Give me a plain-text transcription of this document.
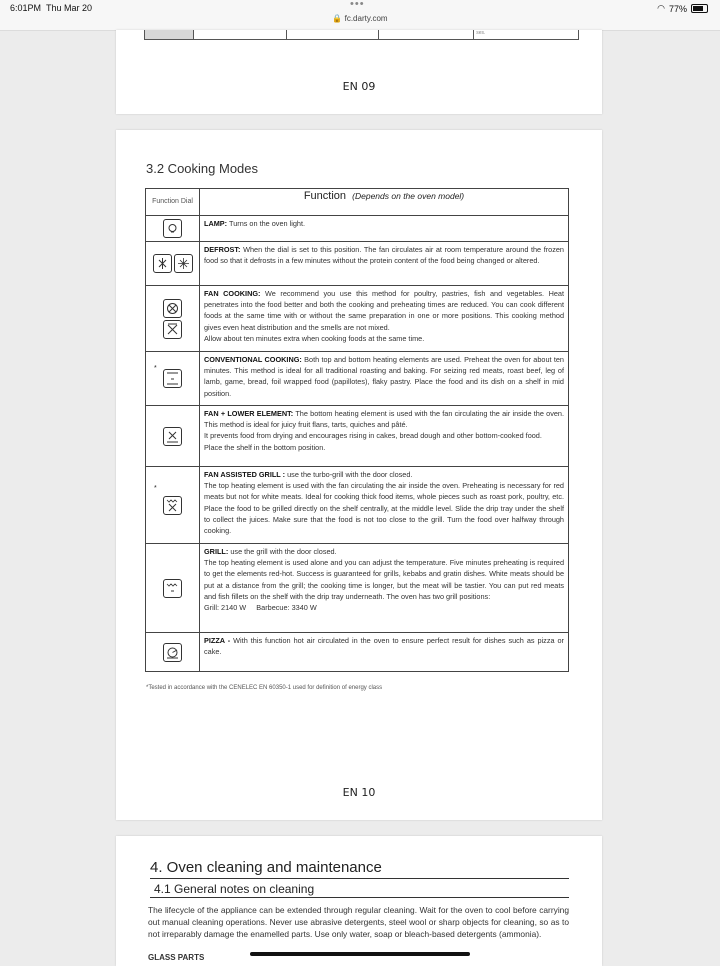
6:01PM Thu Mar 20	•••
🔒 fc.darty.com
◠ 77%
ses.
EN 09
3.2 Cooking Modes
Function Dial	Function (Depends on the oven model)

	LAMP: Turns on the oven light.

	DEFROST: When the dial is set to this position. The fan circulates air at room temperature around the frozen food so that it defrosts in a few minutes without the protein content of the food being changed or altered.

	FAN COOKING: We recommend you use this method for poultry, pastries, fish and vegetables. Heat penetrates into the food better and both the cooking and preheating times are reduced. You can cook different foods at the same time with or without the same preparation in one or more positions. This cooking method gives even heat distribution and the smells are not mixed.
Allow about ten minutes extra when cooking foods at the same time.

*	CONVENTIONAL COOKING: Both top and bottom heating elements are used. Preheat the oven for about ten minutes. This method is ideal for all traditional roasting and baking. For seizing red meats, roast beef, leg of lamb, game, bread, foil wrapped food (papillotes), flaky pastry. Place the food and its dish on a shelf in mid position.

	FAN + LOWER ELEMENT: The bottom heating element is used with the fan circulating the air inside the oven. This method is ideal for juicy fruit flans, tarts, quiches and pâté.
It prevents food from drying and encourages rising in cakes, bread dough and other bottom-cooked food.
Place the shelf in the bottom position.

*	FAN ASSISTED GRILL : use the turbo-grill with the door closed.
The top heating element is used with the fan circulating the air inside the oven. Preheating is necessary for red meats but not for white meats. Ideal for cooking thick food items, whole pieces such as roast pork, poultry, etc. Place the food to be grilled directly on the shelf centrally, at the middle level. Slide the drip tray under the shelf to collect the juices. Make sure that the food is not too close to the grill. Turn the food over halfway through cooking.

	GRILL: use the grill with the door closed.
The top heating element is used alone and you can adjust the temperature. Five minutes preheating is required to get the elements red-hot. Success is guaranteed for grills, kebabs and gratin dishes. White meats should be put at a distance from the grill; the cooking time is longer, but the meat will be tastier. You can put red meats and fish fillets on the shelf with the drip tray underneath. The oven has two grill positions:
Grill: 2140 W     Barbecue: 3340 W

	PIZZA - With this function hot air circulated in the oven to ensure perfect result for dishes such as pizza or cake.
*Tested in accordance with the CENELEC EN 60350-1 used for definition of energy class
EN 10
4. Oven cleaning and maintenance
4.1 General notes on cleaning
The lifecycle of the appliance can be extended through regular cleaning. Wait for the oven to cool before carrying out manual cleaning operations. Never use abrasive detergents, steel wool or sharp objects for cleaning, so as to not irreparably damage the enamelled parts. Use only water, soap or bleach-based detergents (ammonia).
GLASS PARTS
